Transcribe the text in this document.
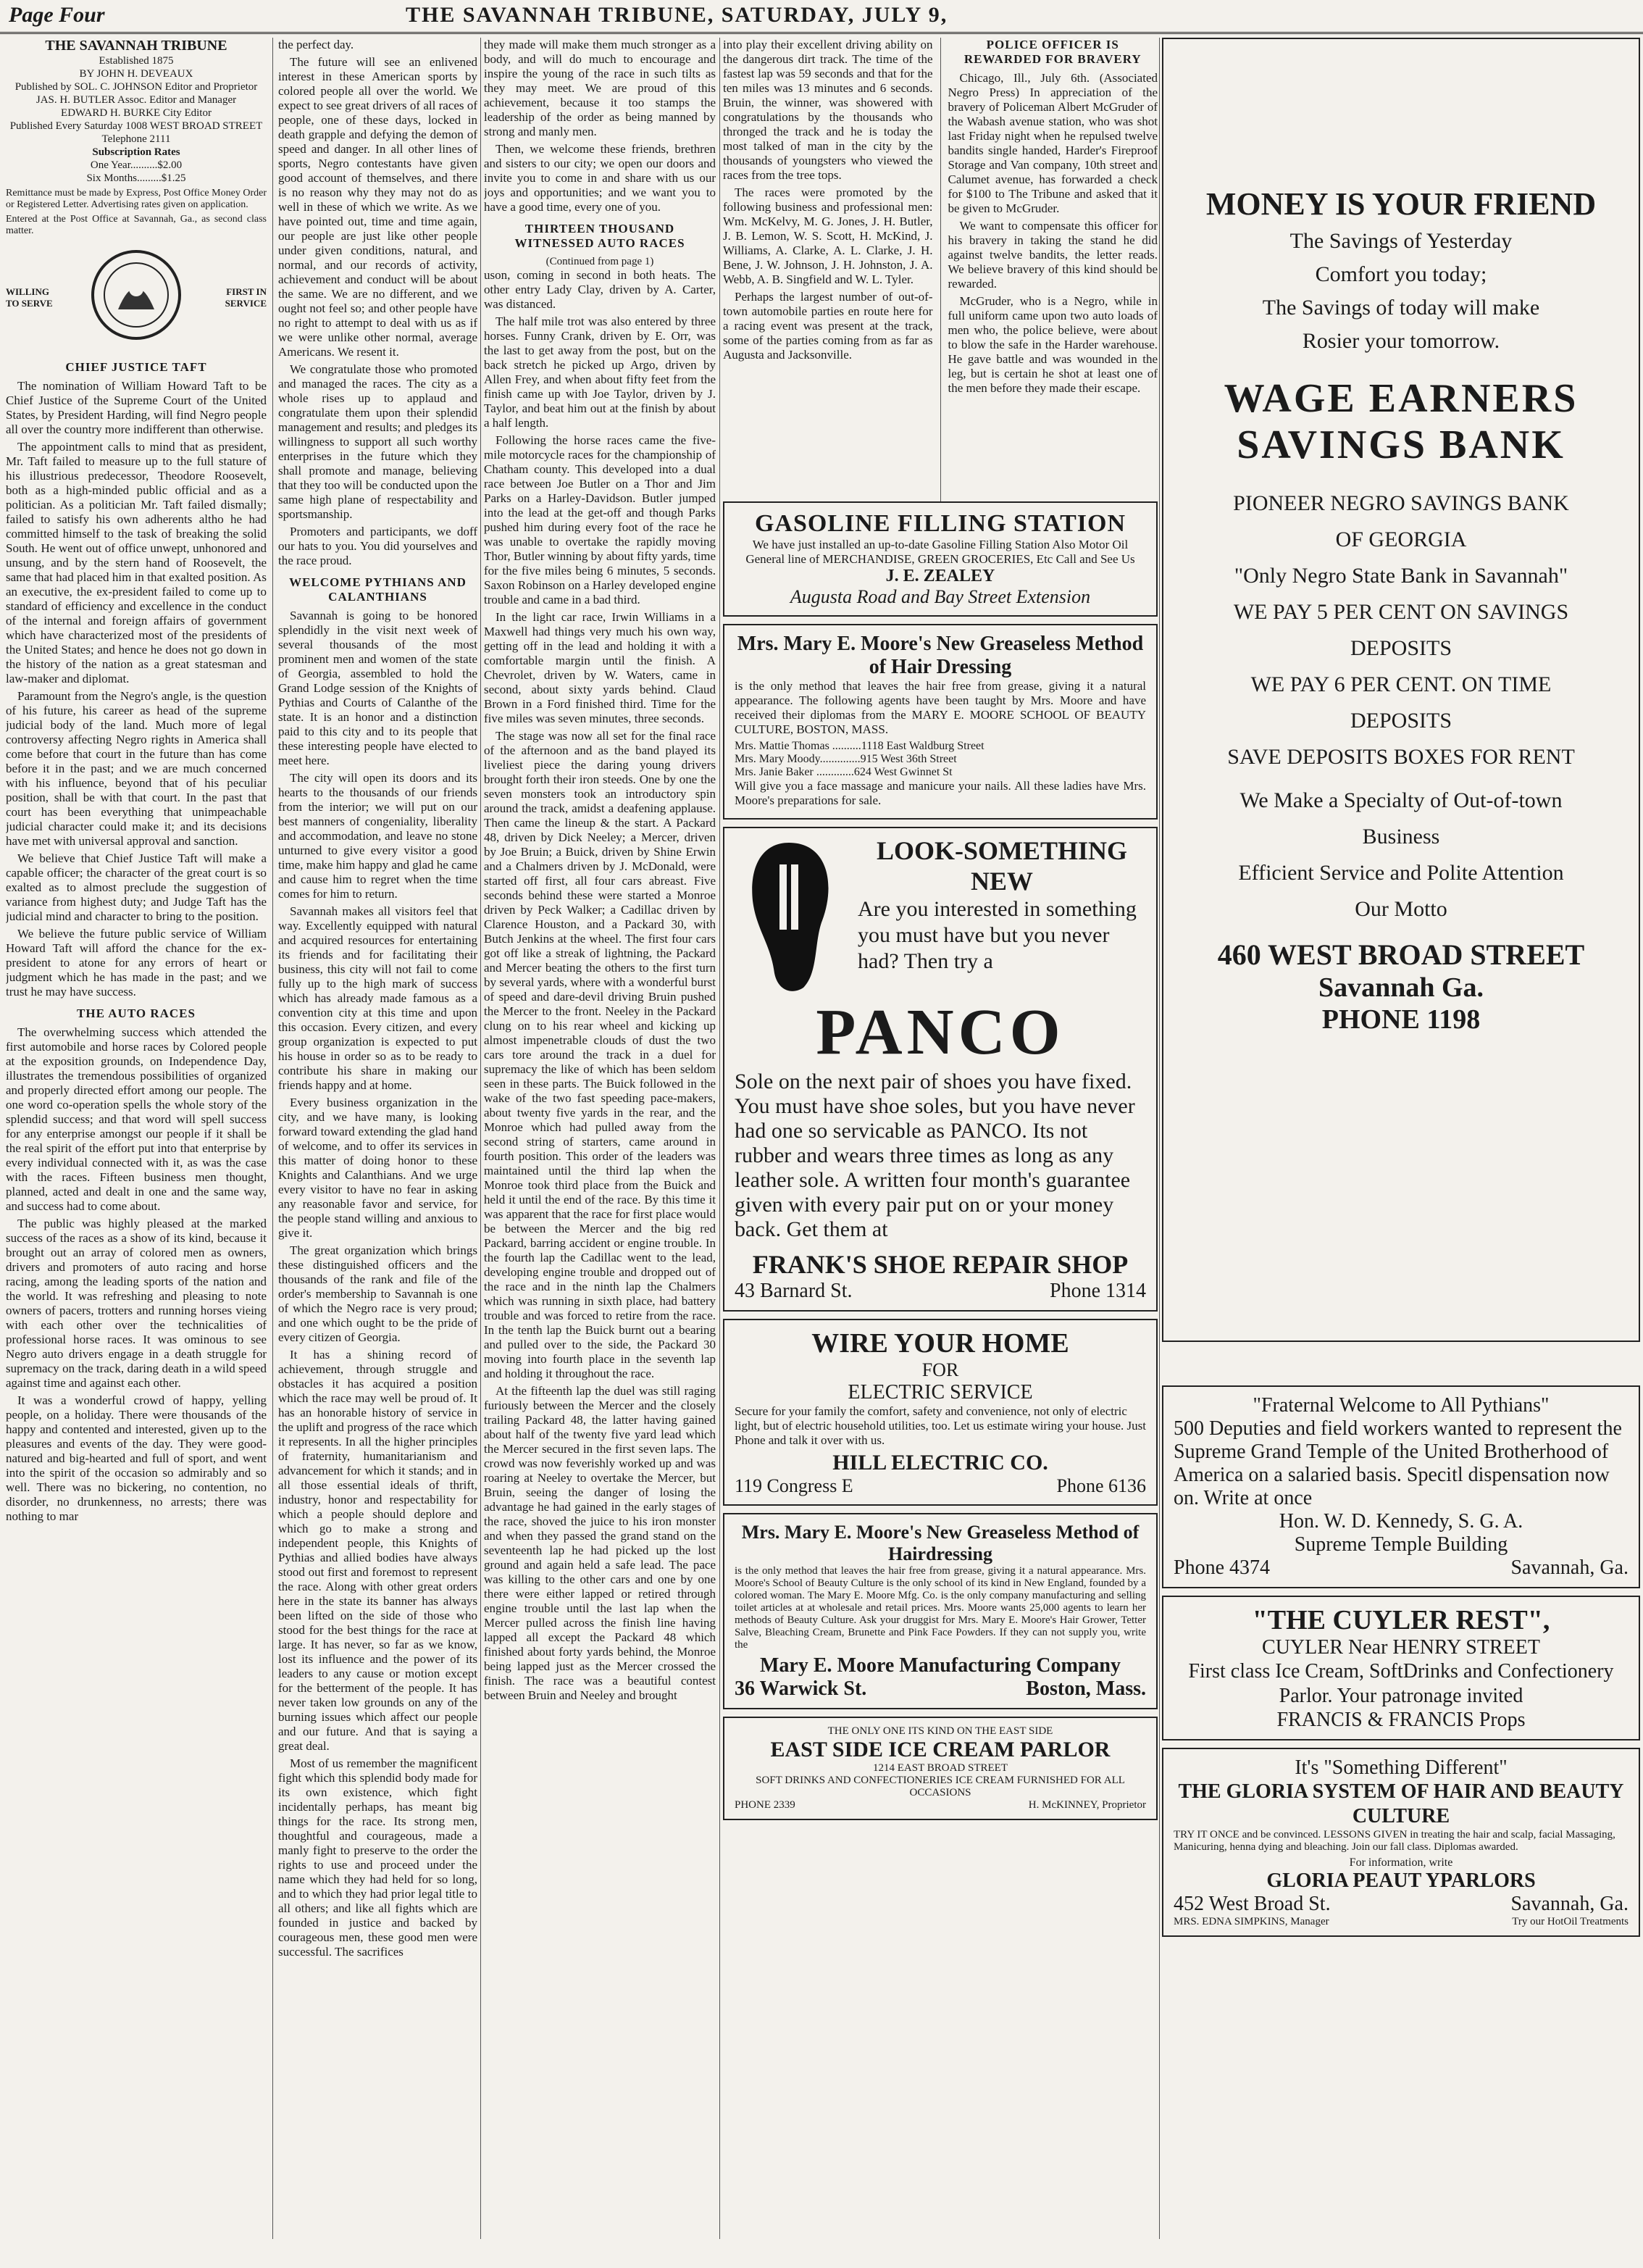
Page Four	THE SAVANNAH TRIBUNE, SATURDAY, JULY 9,
THE SAVANNAH TRIBUNE

Established 1875

BY JOHN H. DEVEAUX

Published by SOL. C. JOHNSON Editor and Proprietor

JAS. H. BUTLER Assoc. Editor and Manager

EDWARD H. BURKE City Editor

Published Every Saturday 1008 WEST BROAD STREET Telephone 2111

Subscription Rates

One Year..........$2.00

Six Months.........$1.25

Remittance must be made by Express, Post Office Money Order or Registered Letter. Advertising rates given on application.

Entered at the Post Office at Savannah, Ga., as second class matter.

WILLING TO SERVE
FIRST IN SERVICE
CHIEF JUSTICE TAFT

The nomination of William Howard Taft to be Chief Justice of the Supreme Court of the United States, by President Harding, will find Negro people all over the country more indifferent than otherwise.

The appointment calls to mind that as president, Mr. Taft failed to measure up to the full stature of his illustrious predecessor, Theodore Roosevelt, both as a high-minded public official and as a politician. As a politician Mr. Taft failed dismally; failed to satisfy his own adherents altho he had committed himself to the task of breaking the solid South. He went out of office unwept, unhonored and unsung, and by the stern hand of Roosevelt, the same that had placed him in that exalted position. As an executive, the ex-president failed to come up to standard of efficiency and excellence in the conduct of the internal and foreign affairs of government which have characterized most of the presidents of the United States; and hence he does not go down in the history of the nation as a great statesman and law-maker and diplomat.

Paramount from the Negro's angle, is the question of his future, his career as head of the supreme judicial body of the land. Much more of legal controversy affecting Negro rights in America shall come before that court in the future than has come before it in the past; and we are much concerned with his influence, beyond that of his peculiar position, shall be with that court. In the past that court has been everything that unimpeachable judicial character could make it; and its decisions have met with universal approval and sanction.

We believe that Chief Justice Taft will make a capable officer; the character of the great court is so exalted as to almost preclude the suggestion of variance from highest duty; and Judge Taft has the judicial mind and character to bring to the position.

We believe the future public service of William Howard Taft will afford the chance for the ex-president to atone for any errors of heart or judgment which he has made in the past; and we trust he may have success.

THE AUTO RACES

The overwhelming success which attended the first automobile and horse races by Colored people at the exposition grounds, on Independence Day, illustrates the tremendous possibilities of organized and properly directed effort among our people. The one word co-operation spells the whole story of the splendid success; and that word will spell success for any enterprise amongst our people if it shall be the real spirit of the effort put into that enterprise by every individual connected with it, as was the case with the races. Fifteen business men thought, planned, acted and dealt in one and the same way, and success had to come about.

The public was highly pleased at the marked success of the races as a show of its kind, because it brought out an array of colored men as owners, drivers and promoters of auto racing and horse racing, among the leading sports of the nation and the world. It was refreshing and pleasing to note owners of pacers, trotters and running horses vieing with each other over the technicalities of professional horse races. It was ominous to see Negro auto drivers engage in a death struggle for supremacy on the track, daring death in a wild speed against time and against each other.

It was a wonderful crowd of happy, yelling people, on a holiday. There were thousands of the happy and contented and interested, given up to the pleasures and events of the day. They were good-natured and big-hearted and full of sport, and went into the spirit of the occasion so admirably and so well. There was no bickering, no contention, no disorder, no drunkenness, no arrests; there was nothing to mar

the perfect day.

The future will see an enlivened interest in these American sports by colored people all over the world. We expect to see great drivers of all races of people, one of these days, locked in death grapple and defying the demon of speed and danger. In all other lines of sports, Negro contestants have given good account of themselves, and there is no reason why they may not do as well in these of which we write. As we have pointed out, time and time again, our people are just like other people under given conditions, natural, and normal, and our records of activity, achievement and conduct will be about the same. We are no different, and we ought not feel so; and other people have no right to attempt to deal with us as if we were unlike other normal, average Americans. We resent it.

We congratulate those who promoted and managed the races. The city as a whole rises up to applaud and congratulate them upon their splendid management and results; and pledges its willingness to support all such worthy enterprises in the future which they shall promote and manage, believing that they too will be conducted upon the same high plane of respectability and sportsmanship.

Promoters and participants, we doff our hats to you. You did yourselves and the race proud.

WELCOME PYTHIANS AND CALANTHIANS

Savannah is going to be honored splendidly in the visit next week of several thousands of the most prominent men and women of the state of Georgia, assembled to hold the Grand Lodge session of the Knights of Pythias and Courts of Calanthe of the state. It is an honor and a distinction paid to this city and to its people that these interesting people have elected to meet here.

The city will open its doors and its hearts to the thousands of our friends from the interior; we will put on our best manners of congeniality, liberality and accommodation, and leave no stone unturned to give every visitor a good time, make him happy and glad he came and cause him to regret when the time comes for him to return.

Savannah makes all visitors feel that way. Excellently equipped with natural and acquired resources for entertaining its friends and for facilitating their business, this city will not fail to come fully up to the high mark of success which has already made famous as a convention city at this time and upon this occasion. Every citizen, and every group organization is expected to put his house in order so as to be ready to contribute his share in making our friends happy and at home.

Every business organization in the city, and we have many, is looking forward toward extending the glad hand of welcome, and to offer its services in this matter of doing honor to these Knights and Calanthians. And we urge every visitor to have no fear in asking any reasonable favor and service, for the people stand willing and anxious to give it.

The great organization which brings these distinguished officers and the thousands of the rank and file of the order's membership to Savannah is one of which the Negro race is very proud; and one which ought to be the pride of every citizen of Georgia.

It has a shining record of achievement, through struggle and obstacles it has acquired a position which the race may well be proud of. It has an honorable history of service in the uplift and progress of the race which it represents. In all the higher principles of fraternity, humanitarianism and advancement for which it stands; and in all those essential ideals of thrift, industry, honor and respectability for which a people should deplore and which go to make a strong and independent people, this Knights of Pythias and allied bodies have always stood out first and foremost to represent the race. Along with other great orders here in the state its banner has always been lifted on the side of those who stood for the best things for the race at large. It has never, so far as we know, lost its influence and the power of its leaders to any cause or motion except for the betterment of the people. It has never taken low grounds on any of the burning issues which affect our people and our future. And that is saying a great deal.

Most of us remember the magnificent fight which this splendid body made for its own existence, which fight incidentally perhaps, has meant big things for the race. Its strong men, thoughtful and courageous, made a manly fight to preserve to the order the rights to use and proceed under the name which they had held for so long, and to which they had prior legal title to all others; and like all fights which are founded in justice and backed by courageous men, these good men were successful. The sacrifices

they made will make them much stronger as a body, and will do much to encourage and inspire the young of the race in such tilts as they may meet. We are proud of this achievement, because it too stamps the leadership of the order as being manned by strong and manly men.

Then, we welcome these friends, brethren and sisters to our city; we open our doors and invite you to come in and share with us our joys and opportunities; and we want you to have a good time, every one of you.

THIRTEEN THOUSAND WITNESSED AUTO RACES

(Continued from page 1)

uson, coming in second in both heats. The other entry Lady Clay, driven by A. Carter, was distanced.

The half mile trot was also entered by three horses. Funny Crank, driven by E. Orr, was the last to get away from the post, but on the back stretch he picked up Argo, driven by Allen Frey, and when about fifty feet from the finish came up with Joe Taylor, driven by J. Taylor, and beat him out at the finish by about a half length.

Following the horse races came the five-mile motorcycle races for the championship of Chatham county. This developed into a dual race between Joe Butler on a Thor and Jim Parks on a Harley-Davidson. Butler jumped into the lead at the get-off and though Parks pushed him during every foot of the race he was unable to overtake the rapidly moving Thor, Butler winning by about fifty yards, time for the five miles being 6 minutes, 5 seconds. Saxon Robinson on a Harley developed engine trouble and came in a bad third.

In the light car race, Irwin Williams in a Maxwell had things very much his own way, getting off in the lead and holding it with a comfortable margin until the finish. A Chevrolet, driven by W. Waters, came in second, about sixty yards behind. Claud Brown in a Ford finished third. Time for the five miles was seven minutes, three seconds.

The stage was now all set for the final race of the afternoon and as the band played its liveliest piece the daring young drivers brought forth their iron steeds. One by one the seven monsters took an introductory spin around the track, amidst a deafening applause. Then came the lineup & the start. A Packard 48, driven by Dick Neeley; a Mercer, driven by Joe Bruin; a Buick, driven by Shine Erwin and a Chalmers driven by J. McDonald, were started off first, all four cars abreast. Five seconds behind these were started a Monroe driven by Peck Walker; a Cadillac driven by Clarence Houston, and a Packard 30, with Butch Jenkins at the wheel. The first four cars got off like a streak of lightning, the Packard and Mercer beating the others to the first turn by several yards, where with a wonderful burst of speed and dare-devil driving Bruin pushed the Mercer to the front. Neeley in the Packard clung on to his rear wheel and kicking up almost impenetrable clouds of dust the two cars tore around the track in a duel for supremacy the like of which has been seldom seen in these parts. The Buick followed in the wake of the two fast speeding pace-makers, about twenty five yards in the rear, and the Monroe which had pulled away from the second string of starters, came around in fourth position. This order of the leaders was maintained until the third lap when the Monroe took third place from the Buick and held it until the end of the race. By this time it was apparent that the race for first place would be between the Mercer and the big red Packard, barring accident or engine trouble. In the fourth lap the Cadillac went to the lead, developing engine trouble and dropped out of the race and in the ninth lap the Chalmers which was running in sixth place, had battery trouble and was forced to retire from the race. In the tenth lap the Buick burnt out a bearing and pulled over to the side, the Packard 30 moving into fourth place in the seventh lap and holding it throughout the race.

At the fifteenth lap the duel was still raging furiously between the Mercer and the closely trailing Packard 48, the latter having gained about half of the twenty five yard lead which the Mercer secured in the first seven laps. The crowd was now feverishly worked up and was roaring at Neeley to overtake the Mercer, but Bruin, seeing the danger of losing the advantage he had gained in the early stages of the race, shoved the juice to his iron monster and when they passed the grand stand on the seventeenth lap he had picked up the lost ground and again held a safe lead. The pace was killing to the other cars and one by one there were either lapped or retired through engine trouble until the last lap when the Mercer pulled across the finish line having lapped all except the Packard 48 which finished about forty yards behind, the Monroe being lapped just as the Mercer crossed the finish. The race was a beautiful contest between Bruin and Neeley and brought

into play their excellent driving ability on the dangerous dirt track. The time of the fastest lap was 59 seconds and that for the ten miles was 13 minutes and 6 seconds. Bruin, the winner, was showered with congratulations by the thousands who thronged the track and he is today the most talked of man in the city by the thousands of youngsters who viewed the races from the tree tops.

The races were promoted by the following business and professional men: Wm. McKelvy, M. G. Jones, J. H. Butler, J. B. Lemon, W. S. Scott, H. McKind, J. Williams, A. Clarke, A. L. Clarke, J. H. Bene, J. W. Johnson, J. H. Johnston, J. A. Webb, A. B. Singfield and W. L. Tyler.

Perhaps the largest number of out-of-town automobile parties en route here for a racing event was present at the track, some of the parties coming from as far as Augusta and Jacksonville.

POLICE OFFICER IS REWARDED FOR BRAVERY

Chicago, Ill., July 6th. (Associated Negro Press) In appreciation of the bravery of Policeman Albert McGruder of the Wabash avenue station, who was shot last Friday night when he repulsed twelve bandits single handed, Harder's Fireproof Storage and Van company, 10th street and Calumet avenue, has forwarded a check for $100 to The Tribune and asked that it be given to McGruder.

We want to compensate this officer for his bravery in taking the stand he did against twelve bandits, the letter reads. We believe bravery of this kind should be rewarded.

McGruder, who is a Negro, while in full uniform came upon two auto loads of men who, the police believe, were about to blow the safe in the Harder warehouse. He gave battle and was wounded in the leg, but is certain he shot at least one of the men before they made their escape.

GASOLINE FILLING STATION
We have just installed an up-to-date Gasoline Filling Station Also Motor Oil
General line of MERCHANDISE, GREEN GROCERIES, Etc Call and See Us
J. E. ZEALEY
Augusta Road and Bay Street Extension
Mrs. Mary E. Moore's New Greaseless Method of Hair Dressing

is the only method that leaves the hair free from grease, giving it a natural appearance. The following agents have been taught by Mrs. Moore and have received their diplomas from the MARY E. MOORE SCHOOL OF BEAUTY CULTURE, BOSTON, MASS.

Mrs. Mattie Thomas ..........1118 East Waldburg Street
Mrs. Mary Moody..............915 West 36th Street
Mrs. Janie Baker .............624 West Gwinnet St

Will give you a face massage and manicure your nails. All these ladies have Mrs. Moore's preparations for sale.

LOOK-SOMETHING NEW
Are you interested in something you must have but you never had? Then try a
PANCO
Sole on the next pair of shoes you have fixed. You must have shoe soles, but you have never had one so servicable as PANCO. Its not rubber and wears three times as long as any leather sole. A written four month's guarantee given with every pair put on or your money back. Get them at
FRANK'S SHOE REPAIR SHOP
43 Barnard St.	Phone 1314
WIRE YOUR HOME
FOR
ELECTRIC SERVICE

Secure for your family the comfort, safety and convenience, not only of electric light, but of electric household utilities, too. Let us estimate wiring your house. Just Phone and talk it over with us.

HILL ELECTRIC CO.
119 Congress E	Phone 6136
Mrs. Mary E. Moore's New Greaseless Method of Hairdressing

is the only method that leaves the hair free from grease, giving it a natural appearance. Mrs. Moore's School of Beauty Culture is the only school of its kind in New England, founded by a colored woman. The Mary E. Moore Mfg. Co. is the only company manufacturing and selling toilet articles at at wholesale and retail prices. Mrs. Moore wants 25,000 agents to learn her methods of Beauty Culture. Ask your druggist for Mrs. Mary E. Moore's Hair Grower, Tetter Salve, Bleaching Cream, Brunette and Pink Face Powders. If they can not supply you, write the

Mary E. Moore Manufacturing Company
36 Warwick St.	Boston, Mass.
THE ONLY ONE ITS KIND ON THE EAST SIDE
EAST SIDE ICE CREAM PARLOR
1214 EAST BROAD STREET
SOFT DRINKS AND CONFECTIONERIES ICE CREAM FURNISHED FOR ALL OCCASIONS
PHONE 2339	H. McKINNEY, Proprietor
MONEY IS YOUR FRIEND
The Savings of Yesterday
Comfort you today;
The Savings of today will make
Rosier your tomorrow.
WAGE EARNERS
SAVINGS BANK
PIONEER NEGRO SAVINGS BANK
OF GEORGIA
"Only Negro State Bank in Savannah"
WE PAY 5 PER CENT ON SAVINGS
DEPOSITS
WE PAY 6 PER CENT. ON TIME
DEPOSITS
SAVE DEPOSITS BOXES FOR RENT
We Make a Specialty of Out-of-town
Business
Efficient Service and Polite Attention
Our Motto
460 WEST BROAD STREET
Savannah Ga.
PHONE 1198
"Fraternal Welcome to All Pythians"
500 Deputies and field workers wanted to represent the Supreme Grand Temple of the United Brotherhood of America on a salaried basis. Specitl dispensation now on. Write at once
Hon. W. D. Kennedy, S. G. A.
Supreme Temple Building
Phone 4374	Savannah, Ga.
"THE CUYLER REST",
CUYLER Near HENRY STREET
First class Ice Cream, SoftDrinks and Confectionery Parlor. Your patronage invited
FRANCIS & FRANCIS Props
It's "Something Different"
THE GLORIA SYSTEM OF HAIR AND BEAUTY CULTURE

TRY IT ONCE and be convinced. LESSONS GIVEN in treating the hair and scalp, facial Massaging, Manicuring, henna dying and bleaching. Join our fall class. Diplomas awarded.

For information, write
GLORIA PEAUT YPARLORS
452 West Broad St.	Savannah, Ga.
MRS. EDNA SIMPKINS, Manager	Try our HotOil Treatments
